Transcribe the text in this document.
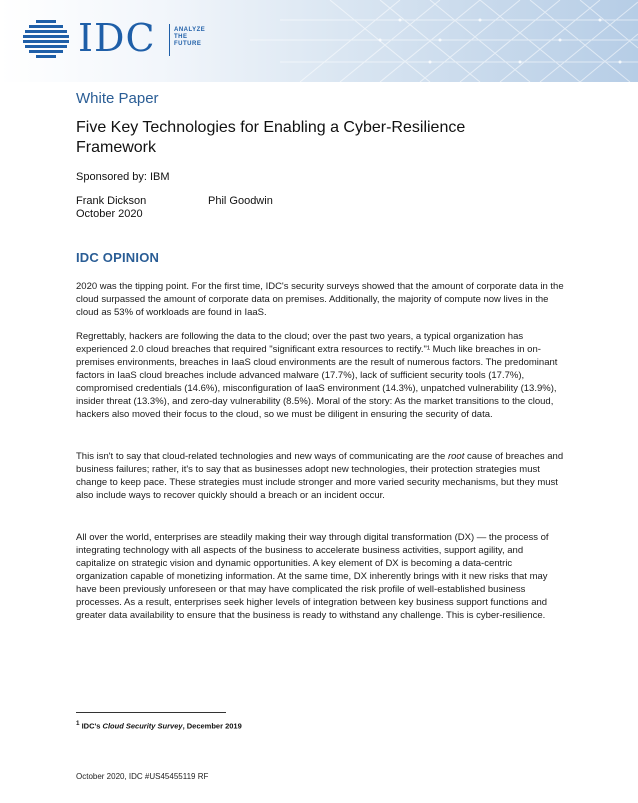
IDC	ANALYZE
THE
FUTURE
White Paper
Five Key Technologies for Enabling a Cyber-Resilience Framework
Sponsored by: IBM
Frank Dickson	Phil Goodwin
October 2020
IDC OPINION

2020 was the tipping point. For the first time, IDC's security surveys showed that the amount of corporate data in the cloud surpassed the amount of corporate data on premises. Additionally, the majority of compute now lives in the cloud as 53% of workloads are found in IaaS.

Regrettably, hackers are following the data to the cloud; over the past two years, a typical organization has experienced 2.0 cloud breaches that required "significant extra resources to rectify."¹ Much like breaches in on-premises environments, breaches in IaaS cloud environments are the result of numerous factors. The predominant factors in IaaS cloud breaches include advanced malware (17.7%), lack of sufficient security tools (17.7%), compromised credentials (14.6%), misconfiguration of IaaS environment (14.3%), unpatched vulnerability (13.9%), insider threat (13.3%), and zero-day vulnerability (8.5%). Moral of the story: As the market transitions to the cloud, hackers also moved their focus to the cloud, so we must be diligent in ensuring the security of data.

This isn't to say that cloud-related technologies and new ways of communicating are the root cause of breaches and business failures; rather, it's to say that as businesses adopt new technologies, their protection strategies must change to keep pace. These strategies must include stronger and more varied security mechanisms, but they must also include ways to recover quickly should a breach or an incident occur.

All over the world, enterprises are steadily making their way through digital transformation (DX) — the process of integrating technology with all aspects of the business to accelerate business activities, support agility, and capitalize on strategic vision and dynamic opportunities. A key element of DX is becoming a data-centric organization capable of monetizing information. At the same time, DX inherently brings with it new risks that may have been previously unforeseen or that may have complicated the risk profile of well-established business processes. As a result, enterprises seek higher levels of integration between key business support functions and greater data availability to ensure that the business is ready to withstand any challenge. This is cyber-resilience.

$^1$ IDC's Cloud Security Survey, December 2019
October 2020, IDC #US45455119 RF
